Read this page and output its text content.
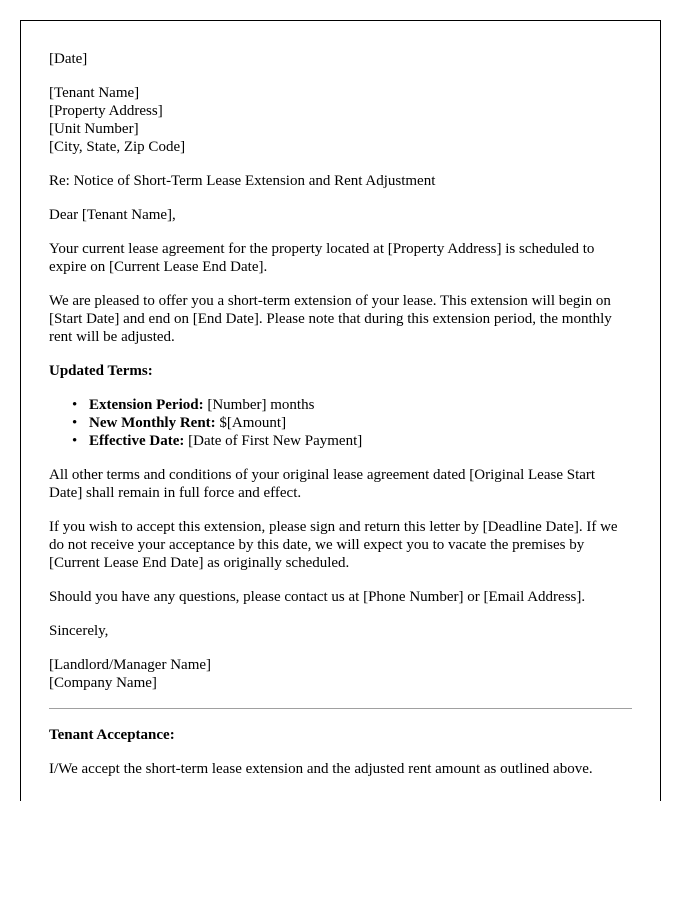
[Date]

[Tenant Name]
[Property Address]
[Unit Number]
[City, State, Zip Code]

Re: Notice of Short-Term Lease Extension and Rent Adjustment

Dear [Tenant Name],

Your current lease agreement for the property located at [Property Address] is scheduled to expire on [Current Lease End Date].

We are pleased to offer you a short-term extension of your lease. This extension will begin on [Start Date] and end on [End Date]. Please note that during this extension period, the monthly rent will be adjusted.

Updated Terms:
• Extension Period: [Number] months
• New Monthly Rent: $[Amount]
• Effective Date: [Date of First New Payment]

All other terms and conditions of your original lease agreement dated [Original Lease Start Date] shall remain in full force and effect.

If you wish to accept this extension, please sign and return this letter by [Deadline Date]. If we do not receive your acceptance by this date, we will expect you to vacate the premises by [Current Lease End Date] as originally scheduled.

Should you have any questions, please contact us at [Phone Number] or [Email Address].

Sincerely,

[Landlord/Manager Name]
[Company Name]
Tenant Acceptance:

I/We accept the short-term lease extension and the adjusted rent amount as outlined above.
